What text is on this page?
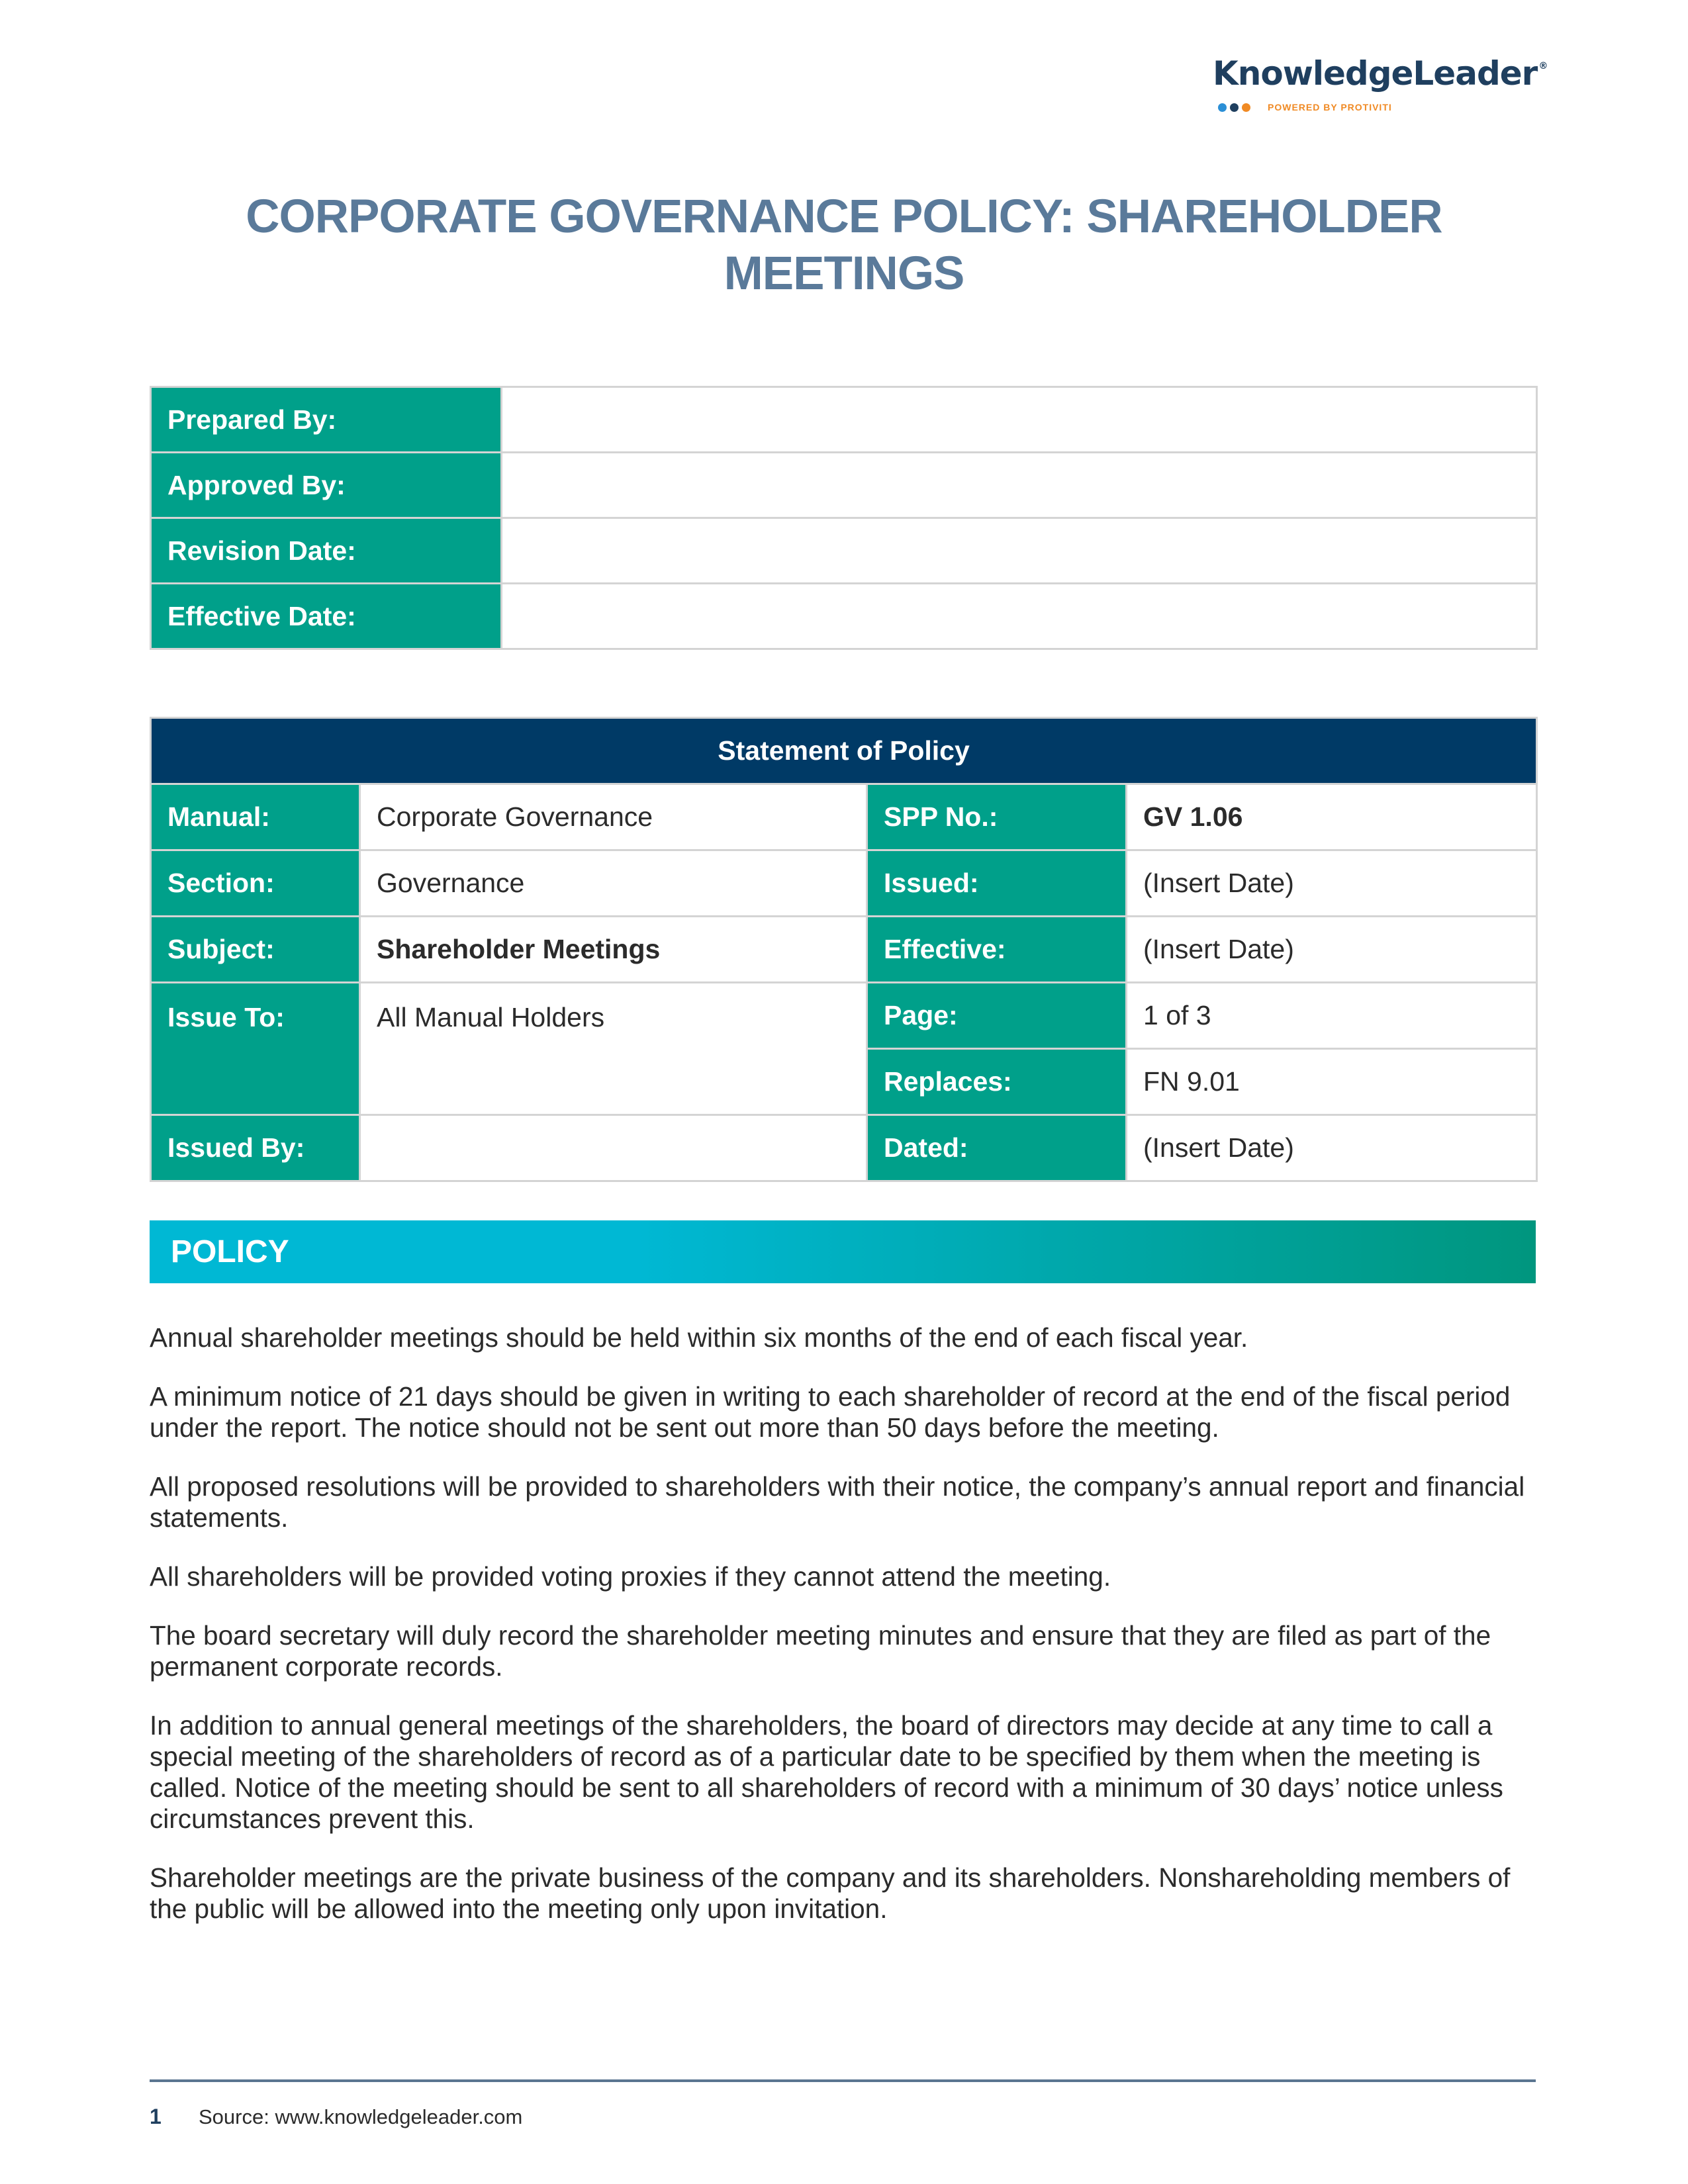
KnowledgeLeader ®
POWERED BY PROTIVITI
CORPORATE GOVERNANCE POLICY: SHAREHOLDER
MEETINGS
Prepared By:	
Approved By:	
Revision Date:	
Effective Date:	
Statement of Policy			
Manual:	Corporate Governance	SPP No.:	GV 1.06
Section:	Governance	Issued:	(Insert Date)
Subject:	Shareholder Meetings	Effective:	(Insert Date)
Issue To:	All Manual Holders	Page:	1 of 3
		Replaces:	FN 9.01
Issued By:		Dated:	(Insert Date)
POLICY

Annual shareholder meetings should be held within six months of the end of each fiscal year.

A minimum notice of 21 days should be given in writing to each shareholder of record at the end of the fiscal period under the report. The notice should not be sent out more than 50 days before the meeting.

All proposed resolutions will be provided to shareholders with their notice, the company’s annual report and financial statements.

All shareholders will be provided voting proxies if they cannot attend the meeting.

The board secretary will duly record the shareholder meeting minutes and ensure that they are filed as part of the permanent corporate records.

In addition to annual general meetings of the shareholders, the board of directors may decide at any time to call a special meeting of the shareholders of record as of a particular date to be specified by them when the meeting is called. Notice of the meeting should be sent to all shareholders of record with a minimum of 30 days’ notice unless circumstances prevent this.

Shareholder meetings are the private business of the company and its shareholders. Nonshareholding members of the public will be allowed into the meeting only upon invitation.

1	Source: www.knowledgeleader.com
